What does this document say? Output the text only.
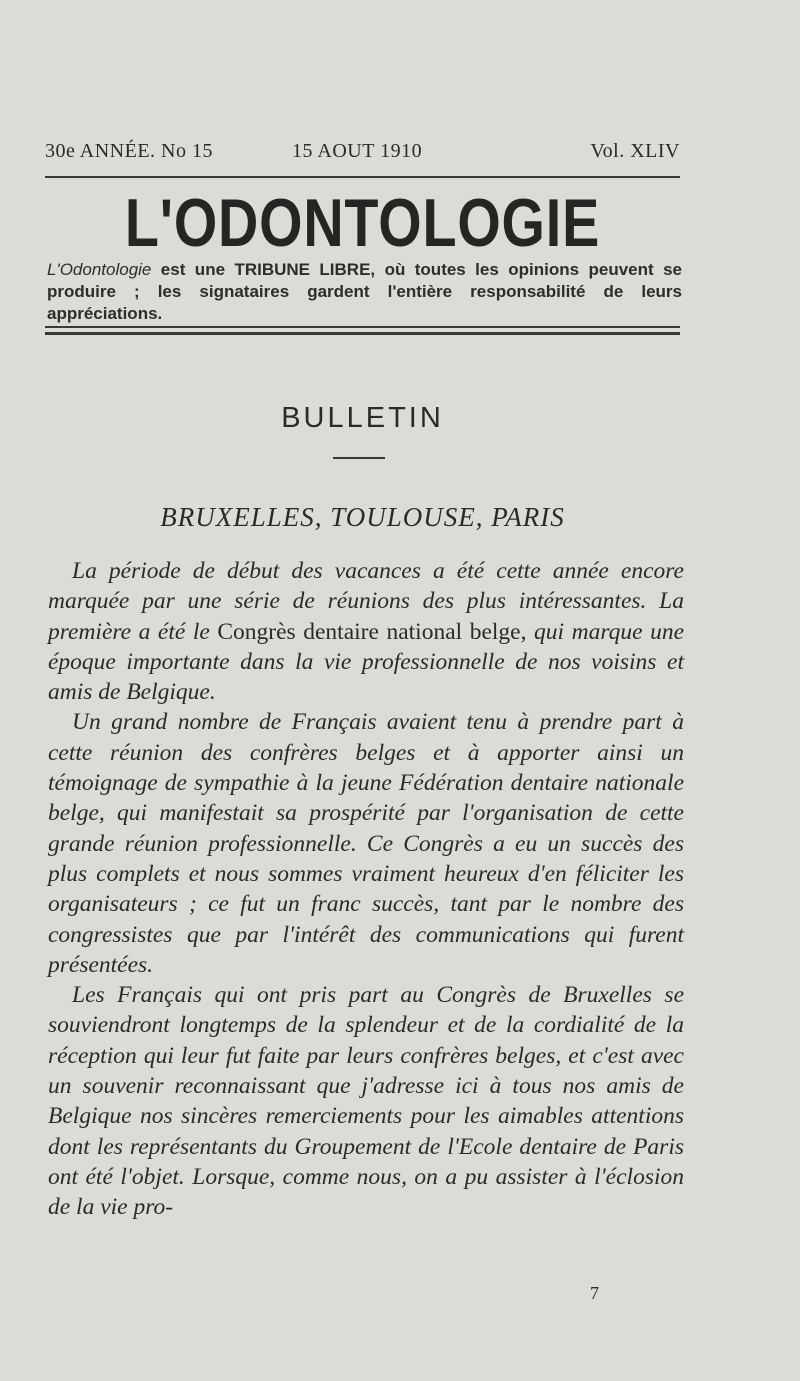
30e ANNÉE. No 15	15 AOUT 1910	Vol. XLIV
L'ODONTOLOGIE
L'Odontologie est une TRIBUNE LIBRE, où toutes les opinions peuvent se produire ; les signataires gardent l'entière responsabilité de leurs appréciations.
BULLETIN
BRUXELLES, TOULOUSE, PARIS

La période de début des vacances a été cette année encore marquée par une série de réunions des plus intéressantes. La première a été le Congrès dentaire national belge, qui marque une époque importante dans la vie professionnelle de nos voisins et amis de Belgique.

Un grand nombre de Français avaient tenu à prendre part à cette réunion des confrères belges et à apporter ainsi un témoignage de sympathie à la jeune Fédération dentaire nationale belge, qui manifestait sa prospérité par l'organisation de cette grande réunion professionnelle. Ce Congrès a eu un succès des plus complets et nous sommes vraiment heureux d'en féliciter les organisateurs ; ce fut un franc succès, tant par le nombre des congressistes que par l'intérêt des communications qui furent présentées.

Les Français qui ont pris part au Congrès de Bruxelles se souviendront longtemps de la splendeur et de la cordialité de la réception qui leur fut faite par leurs confrères belges, et c'est avec un souvenir reconnaissant que j'adresse ici à tous nos amis de Belgique nos sincères remerciements pour les aimables attentions dont les représentants du Groupement de l'Ecole dentaire de Paris ont été l'objet. Lorsque, comme nous, on a pu assister à l'éclosion de la vie pro-

7
